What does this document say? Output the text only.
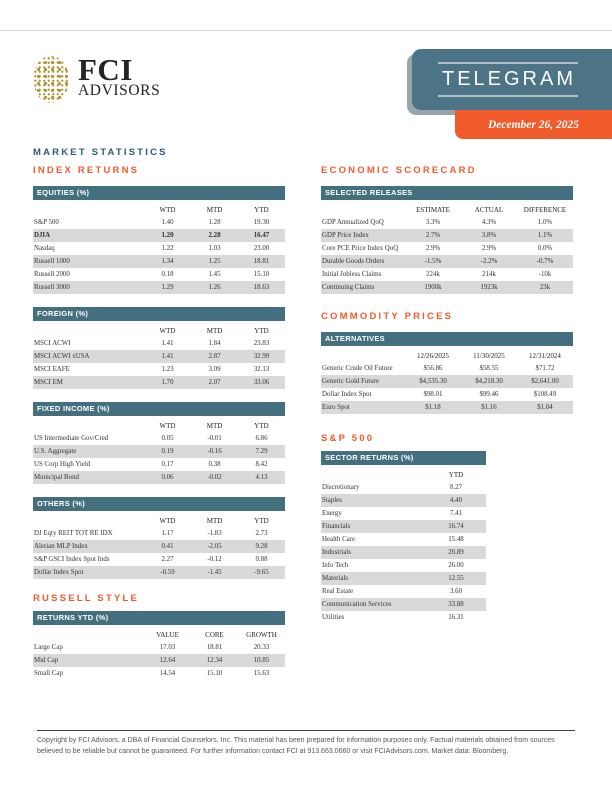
FCI
ADVISORS
TELEGRAM
December 26, 2025
MARKET STATISTICS
INDEX RETURNS
EQUITIES (%)
WTD	MTD	YTD
S&P 500	1.40	1.28	19.30
DJIA	1.20	2.28	16.47
Nasdaq	1.22	1.03	23.00
Russell 1000	1.34	1.25	18.81
Russell 2000	0.18	1.45	15.10
Russell 3000	1.29	1.26	18.63
FOREIGN (%)
WTD	MTD	YTD
MSCI ACWI	1.41	1.84	23.83
MSCI ACWI xUSA	1.41	2.87	32.99
MSCI EAFE	1.23	3.09	32.13
MSCI EM	1.70	2.07	33.06
FIXED INCOME (%)
WTD	MTD	YTD
US Intermediate Gov/Cred	0.05	-0.01	6.86
U.S. Aggregate	0.19	-0.16	7.29
US Corp High Yield	0.17	0.38	8.42
Municipal Bond	0.06	-0.02	4.13
OTHERS (%)
WTD	MTD	YTD
DJ Eqty REIT TOT RE IDX	1.17	-1.83	2.73
Alerian MLP Index	0.41	-2.05	9.28
S&P GSCI Index Spot Inds	2.27	-0.12	0.88
Dollar Index Spot	-0.59	-1.45	-9.65
RUSSELL STYLE
RETURNS YTD (%)
VALUE	CORE	GROWTH
Large Cap	17.03	18.81	20.33
Mid Cap	12.64	12.34	10.85
Small Cap	14.54	15.10	15.63
ECONOMIC SCORECARD
SELECTED RELEASES
ESTIMATE	ACTUAL	DIFFERENCE
GDP Annualized QoQ	3.3%	4.3%	1.0%
GDP Price Index	2.7%	3.8%	1.1%
Core PCE Price Index QoQ	2.9%	2.9%	0.0%
Durable Goods Orders	-1.5%	-2.2%	-0.7%
Initial Jobless Claims	224k	214k	-10k
Continuing Claims	1900k	1923k	23k
COMMODITY PRICES
ALTERNATIVES
12/26/2025	11/30/2025	12/31/2024
Generic Crude Oil Future	$56.86	$58.55	$71.72
Generic Gold Future	$4,535.30	$4,218.30	$2,641.00
Dollar Index Spot	$98.01	$99.46	$108.49
Euro Spot	$1.18	$1.16	$1.04
S&P 500
SECTOR RETURNS (%)
YTD
Discretionary	8.27
Staples	4.40
Energy	7.41
Financials	16.74
Health Care	15.48
Industrials	20.89
Info Tech	26.00
Materials	12.55
Real Estate	3.60
Communication Services	33.88
Utilities	16.31
Copyright by FCI Advisors, a DBA of Financial Counselors, Inc. This material has been prepared for information purposes only. Factual materials obtained from sources believed to be reliable but cannot be guaranteed. For further information contact FCI at 913.663.0660 or visit FCIAdvisors.com. Market data: Bloomberg.
